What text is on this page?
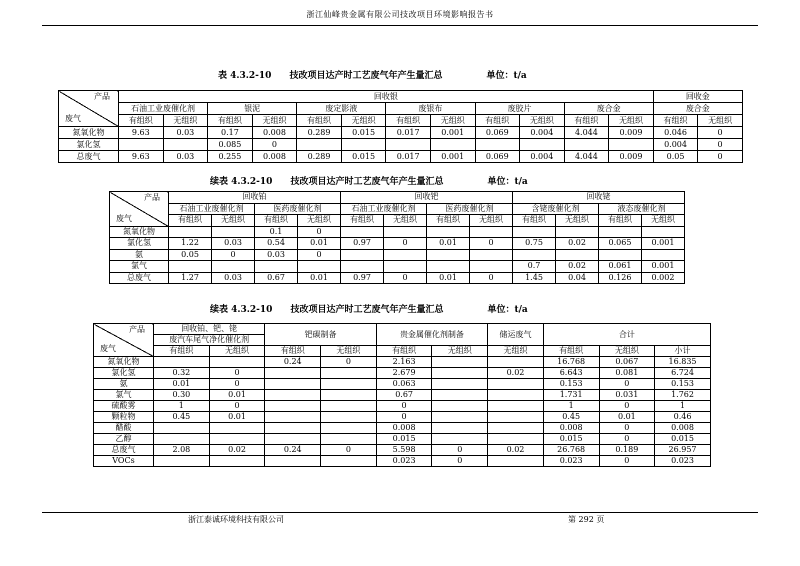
浙江仙峰贵金属有限公司技改项目环境影响报告书
表 4.3.2-10　　技改项目达产时工艺废气年产生量汇总	单位：t/a
产品
废气	回收银												回收金	
	石油工业废催化剂		银泥		废定影液		废银布		废胶片		废合金		废合金	
	有组织	无组织	有组织	无组织	有组织	无组织	有组织	无组织	有组织	无组织	有组织	无组织	有组织	无组织
氮氧化物	9.63	0.03	0.17	0.008	0.289	0.015	0.017	0.001	0.069	0.004	4.044	0.009	0.046	0
氯化氢			0.085	0									0.004	0
总废气	9.63	0.03	0.255	0.008	0.289	0.015	0.017	0.001	0.069	0.004	4.044	0.009	0.05	0
续表 4.3.2-10　　技改项目达产时工艺废气年产生量汇总	单位：t/a
产品
废气	回收铂				回收钯				回收铑			
	石油工业废催化剂		医药废催化剂		石油工业废催化剂		医药废催化剂		含铑废催化剂		液态废催化剂	
	有组织	无组织	有组织	无组织	有组织	无组织	有组织	无组织	有组织	无组织	有组织	无组织
氮氧化物			0.1	0								
氯化氢	1.22	0.03	0.54	0.01	0.97	0	0.01	0	0.75	0.02	0.065	0.001
氨	0.05	0	0.03	0								
氯气									0.7	0.02	0.061	0.001
总废气	1.27	0.03	0.67	0.01	0.97	0	0.01	0	1.45	0.04	0.126	0.002
续表 4.3.2-10　　技改项目达产时工艺废气年产生量汇总	单位：t/a
产品
废气	回收铂、钯、铑		钯碳制备		贵金属催化剂制备		储运废气	合计		
	废汽车尾气净化催化剂									
	有组织	无组织	有组织	无组织	有组织	无组织	无组织	有组织	无组织	小计
氮氧化物			0.24	0	2.163			16.768	0.067	16.835
氯化氢	0.32	0			2.679		0.02	6.643	0.081	6.724
氨	0.01	0			0.063			0.153	0	0.153
氯气	0.30	0.01			0.67			1.731	0.031	1.762
硫酸雾	1	0			0			1	0	1
颗粒物	0.45	0.01			0			0.45	0.01	0.46
醋酸					0.008			0.008	0	0.008
乙醇					0.015			0.015	0	0.015
总废气	2.08	0.02	0.24	0	5.598	0	0.02	26.768	0.189	26.957
VOCs					0.023	0		0.023	0	0.023
浙江泰诚环境科技有限公司	第 292 页
